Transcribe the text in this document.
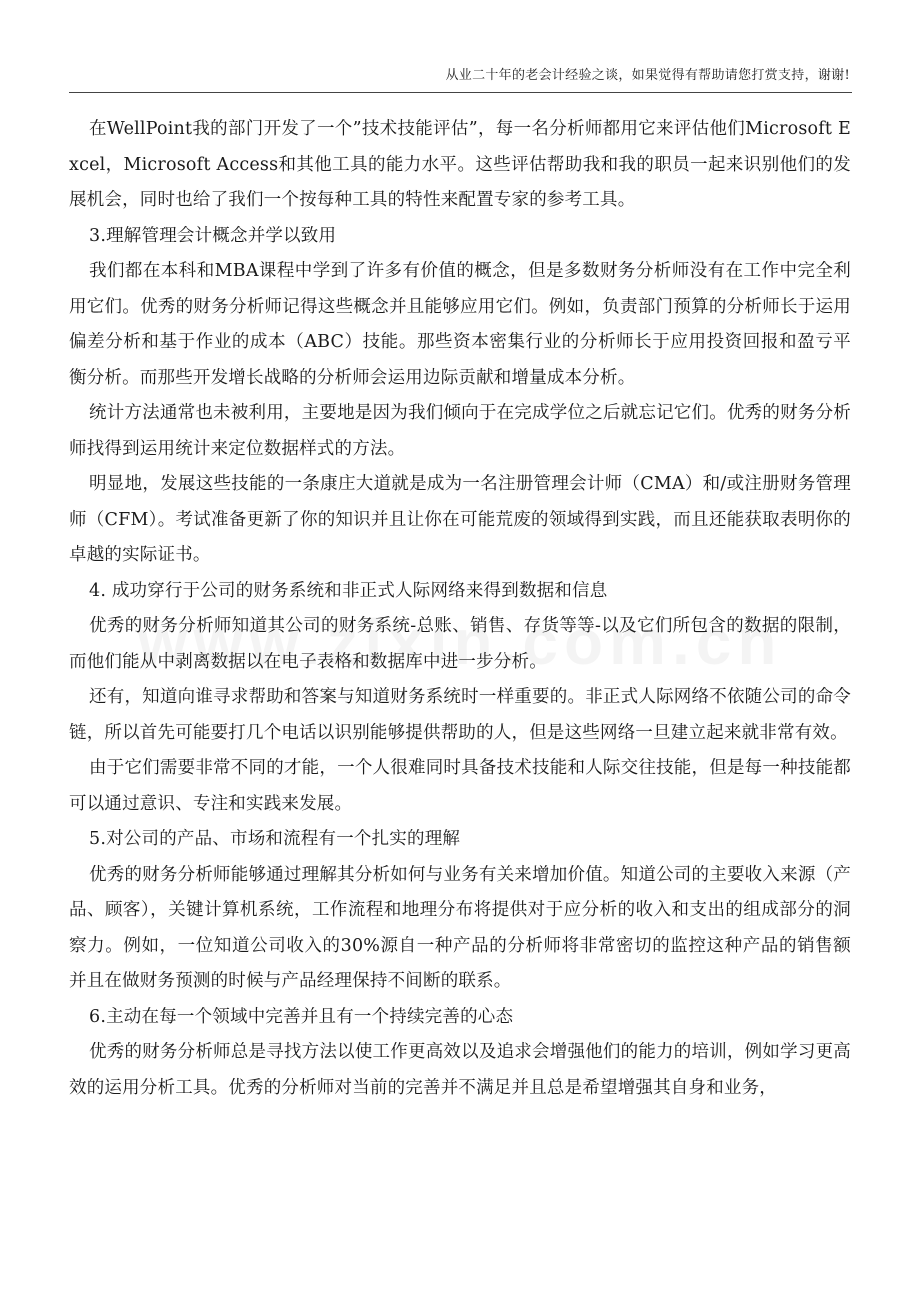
从业二十年的老会计经验之谈，如果觉得有帮助请您打赏支持，谢谢!

在WellPoint我的部门开发了一个”技术技能评估”，每一名分析师都用它来评估他们Microsoft Excel，Microsoft Access和其他工具的能力水平。这些评估帮助我和我的职员一起来识别他们的发展机会，同时也给了我们一个按每种工具的特性来配置专家的参考工具。

3.理解管理会计概念并学以致用

我们都在本科和MBA课程中学到了许多有价值的概念，但是多数财务分析师没有在工作中完全利用它们。优秀的财务分析师记得这些概念并且能够应用它们。例如，负责部门预算的分析师长于运用偏差分析和基于作业的成本（ABC）技能。那些资本密集行业的分析师长于应用投资回报和盈亏平衡分析。而那些开发增长战略的分析师会运用边际贡献和增量成本分析。

统计方法通常也未被利用，主要地是因为我们倾向于在完成学位之后就忘记它们。优秀的财务分析师找得到运用统计来定位数据样式的方法。

明显地，发展这些技能的一条康庄大道就是成为一名注册管理会计师（CMA）和/或注册财务管理师（CFM）。考试准备更新了你的知识并且让你在可能荒废的领域得到实践，而且还能获取表明你的卓越的实际证书。

4. 成功穿行于公司的财务系统和非正式人际网络来得到数据和信息

优秀的财务分析师知道其公司的财务系统-总账、销售、存货等等-以及它们所包含的数据的限制，而他们能从中剥离数据以在电子表格和数据库中进一步分析。

还有，知道向谁寻求帮助和答案与知道财务系统时一样重要的。非正式人际网络不依随公司的命令链，所以首先可能要打几个电话以识别能够提供帮助的人，但是这些网络一旦建立起来就非常有效。

由于它们需要非常不同的才能，一个人很难同时具备技术技能和人际交往技能，但是每一种技能都可以通过意识、专注和实践来发展。

5.对公司的产品、市场和流程有一个扎实的理解

优秀的财务分析师能够通过理解其分析如何与业务有关来增加价值。知道公司的主要收入来源（产品、顾客），关键计算机系统，工作流程和地理分布将提供对于应分析的收入和支出的组成部分的洞察力。例如，一位知道公司收入的30%源自一种产品的分析师将非常密切的监控这种产品的销售额并且在做财务预测的时候与产品经理保持不间断的联系。

6.主动在每一个领域中完善并且有一个持续完善的心态

优秀的财务分析师总是寻找方法以使工作更高效以及追求会增强他们的能力的培训，例如学习更高效的运用分析工具。优秀的分析师对当前的完善并不满足并且总是希望增强其自身和业务，
